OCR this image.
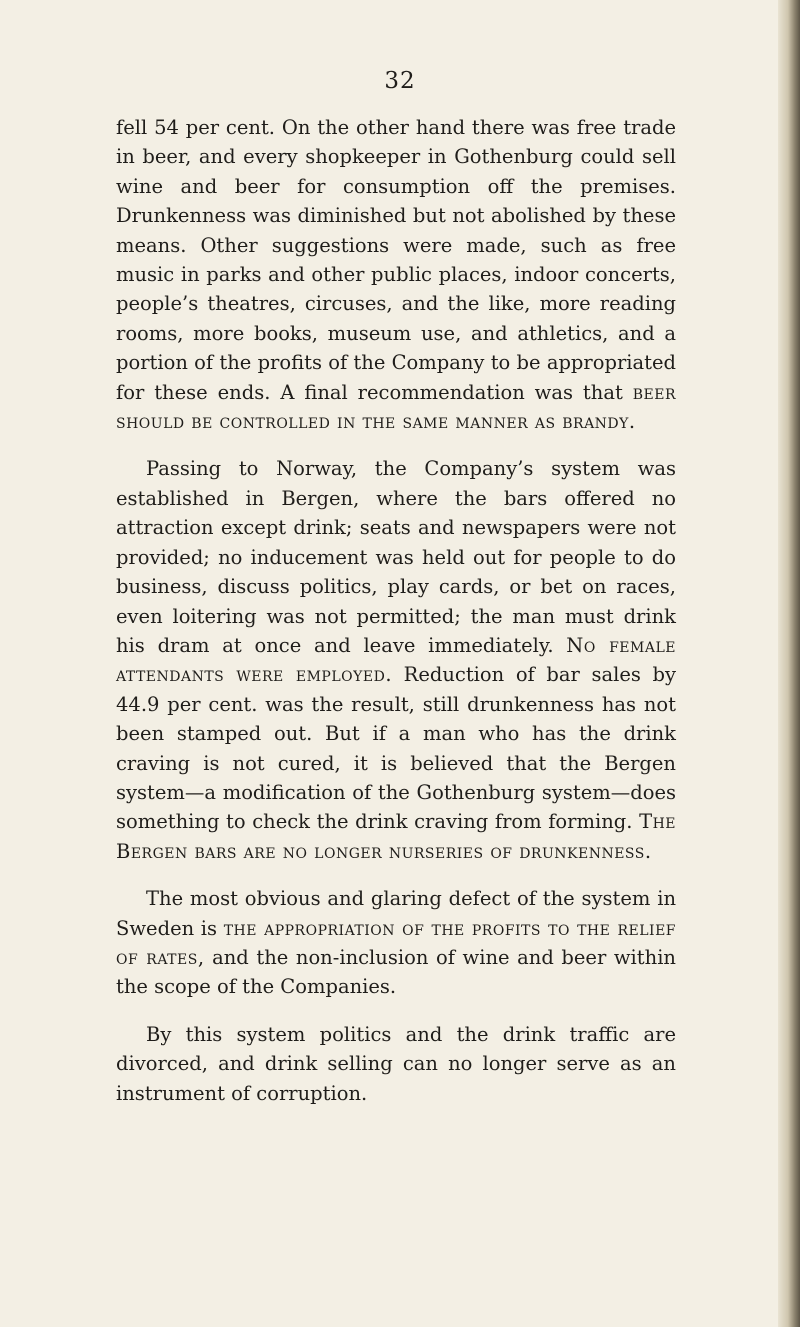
32

fell 54 per cent. On the other hand there was free trade in beer, and every shopkeeper in Gothenburg could sell wine and beer for consumption off the premises. Drunkenness was diminished but not abolished by these means. Other suggestions were made, such as free music in parks and other public places, indoor concerts, people’s theatres, circuses, and the like, more reading rooms, more books, museum use, and athletics, and a portion of the profits of the Company to be appropriated for these ends. A final recommendation was that beer should be controlled in the same manner as brandy.

Passing to Norway, the Company’s system was established in Bergen, where the bars offered no attraction except drink; seats and newspapers were not provided; no inducement was held out for people to do business, discuss politics, play cards, or bet on races, even loitering was not permitted; the man must drink his dram at once and leave immediately. No female attendants were employed. Reduction of bar sales by 44.9 per cent. was the result, still drunkenness has not been stamped out. But if a man who has the drink craving is not cured, it is believed that the Bergen system—a modification of the Gothenburg system—does something to check the drink craving from forming. The Bergen bars are no longer nurseries of drunkenness.

The most obvious and glaring defect of the system in Sweden is the appropriation of the profits to the relief of rates, and the non-inclusion of wine and beer within the scope of the Companies.

By this system politics and the drink traffic are divorced, and drink selling can no longer serve as an instrument of corruption.
